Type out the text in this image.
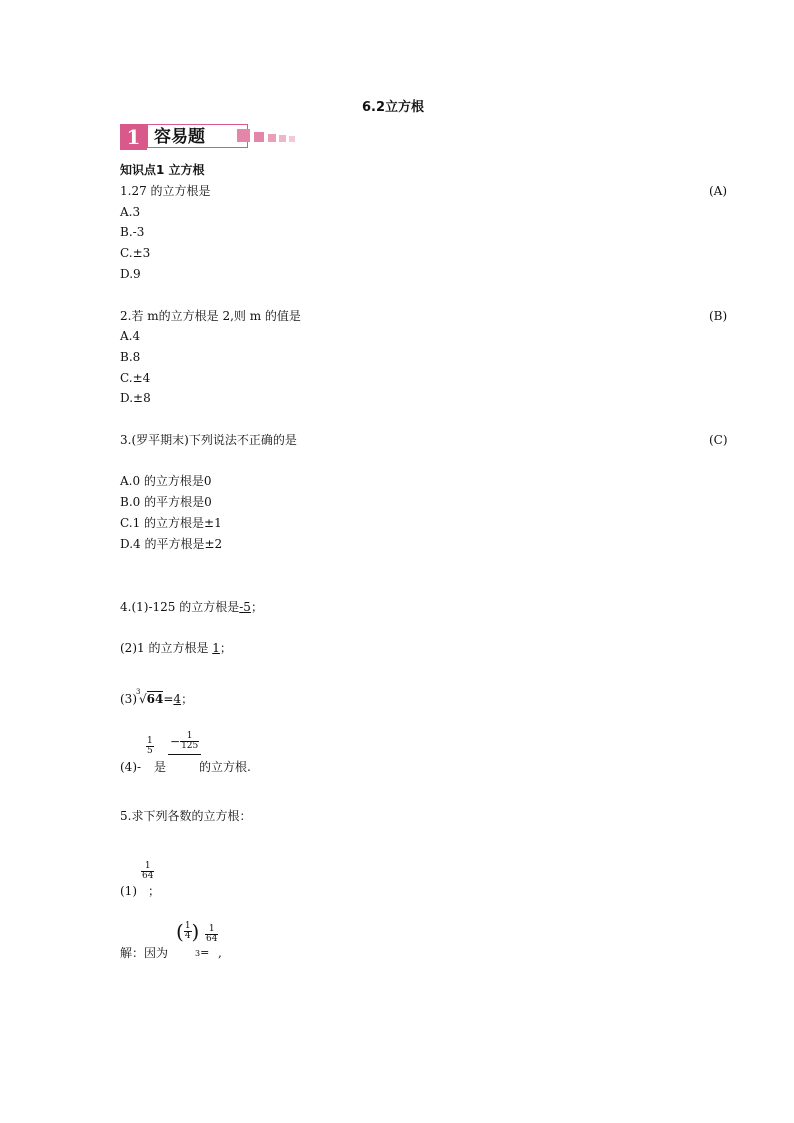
6.2立方根
1 容易题
知识点1 立方根
1.27 的立方根是	(A)
A.3
B.-3
C.±3
D.9
2.若 m的立方根是 2,则 m 的值是	(B)
A.4
B.8
C.±4
D.±8
3.(罗平期末)下列说法不正确的是	(C)
A.0 的立方根是0
B.0 的平方根是0
C.1 的立方根是±1
D.4 的平方根是±2
4.(1)-125 的立方根是-5；
(2)1 的立方根是 1；
(3) 3
√64=4；
(4)-
$\frac{1}{5}$
是
− $\frac{1}{125}$
的立方根.
5.求下列各数的立方根：
$\frac{1}{64}$
(1) ；
解：因为
( $\frac{1}{4}$ )
3=
$\frac{1}{64}$
,
